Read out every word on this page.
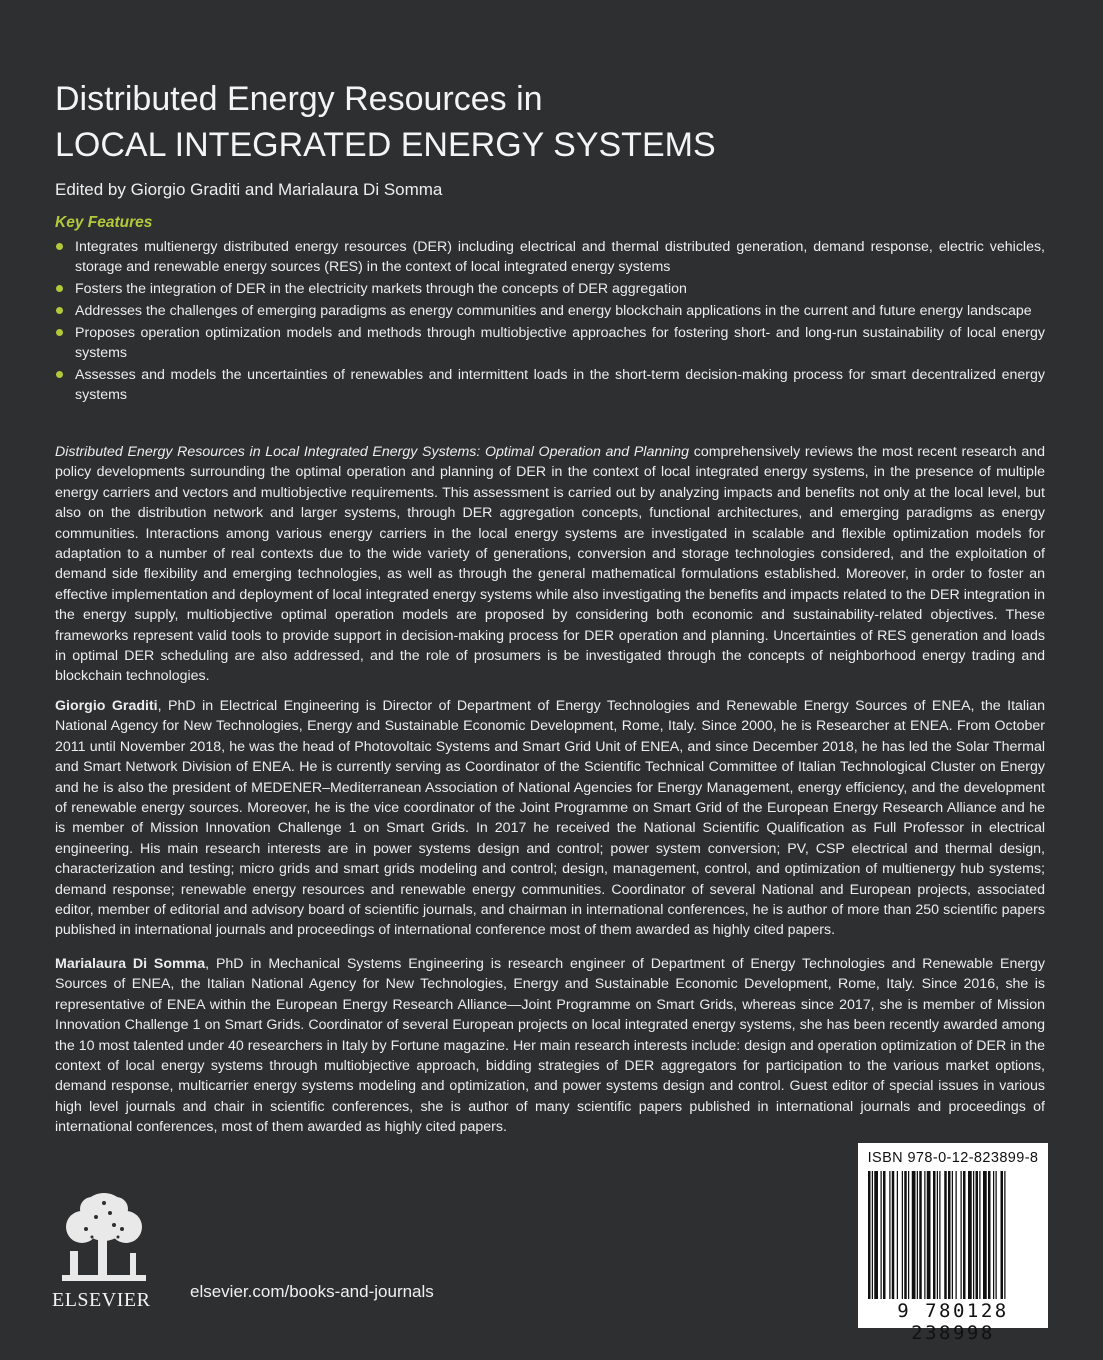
Distributed Energy Resources in
LOCAL INTEGRATED ENERGY SYSTEMS
Edited by Giorgio Graditi and Marialaura Di Somma
Key Features
Integrates multienergy distributed energy resources (DER) including electrical and thermal distributed generation, demand response, electric vehicles, storage and renewable energy sources (RES) in the context of local integrated energy systems
Fosters the integration of DER in the electricity markets through the concepts of DER aggregation
Addresses the challenges of emerging paradigms as energy communities and energy blockchain applications in the current and future energy landscape
Proposes operation optimization models and methods through multiobjective approaches for fostering short- and long-run sustainability of local energy systems
Assesses and models the uncertainties of renewables and intermittent loads in the short-term decision-making process for smart decentralized energy systems

Distributed Energy Resources in Local Integrated Energy Systems: Optimal Operation and Planning comprehensively reviews the most recent research and policy developments surrounding the optimal operation and planning of DER in the context of local integrated energy systems, in the presence of multiple energy carriers and vectors and multiobjective requirements. This assessment is carried out by analyzing impacts and benefits not only at the local level, but also on the distribution network and larger systems, through DER aggregation concepts, functional architectures, and emerging paradigms as energy communities. Interactions among various energy carriers in the local energy systems are investigated in scalable and flexible optimization models for adaptation to a number of real contexts due to the wide variety of generations, conversion and storage technologies considered, and the exploitation of demand side flexibility and emerging technologies, as well as through the general mathematical formulations established. Moreover, in order to foster an effective implementation and deployment of local integrated energy systems while also investigating the benefits and impacts related to the DER integration in the energy supply, multiobjective optimal operation models are proposed by considering both economic and sustainability-related objectives. These frameworks represent valid tools to provide support in decision-making process for DER operation and planning. Uncertainties of RES generation and loads in optimal DER scheduling are also addressed, and the role of prosumers is be investigated through the concepts of neighborhood energy trading and blockchain technologies.

Giorgio Graditi, PhD in Electrical Engineering is Director of Department of Energy Technologies and Renewable Energy Sources of ENEA, the Italian National Agency for New Technologies, Energy and Sustainable Economic Development, Rome, Italy. Since 2000, he is Researcher at ENEA. From October 2011 until November 2018, he was the head of Photovoltaic Systems and Smart Grid Unit of ENEA, and since December 2018, he has led the Solar Thermal and Smart Network Division of ENEA. He is currently serving as Coordinator of the Scientific Technical Committee of Italian Technological Cluster on Energy and he is also the president of MEDENER–Mediterranean Association of National Agencies for Energy Management, energy efficiency, and the development of renewable energy sources. Moreover, he is the vice coordinator of the Joint Programme on Smart Grid of the European Energy Research Alliance and he is member of Mission Innovation Challenge 1 on Smart Grids. In 2017 he received the National Scientific Qualification as Full Professor in electrical engineering. His main research interests are in power systems design and control; power system conversion; PV, CSP electrical and thermal design, characterization and testing; micro grids and smart grids modeling and control; design, management, control, and optimization of multienergy hub systems; demand response; renewable energy resources and renewable energy communities. Coordinator of several National and European projects, associated editor, member of editorial and advisory board of scientific journals, and chairman in international conferences, he is author of more than 250 scientific papers published in international journals and proceedings of international conference most of them awarded as highly cited papers.

Marialaura Di Somma, PhD in Mechanical Systems Engineering is research engineer of Department of Energy Technologies and Renewable Energy Sources of ENEA, the Italian National Agency for New Technologies, Energy and Sustainable Economic Development, Rome, Italy. Since 2016, she is representative of ENEA within the European Energy Research Alliance—Joint Programme on Smart Grids, whereas since 2017, she is member of Mission Innovation Challenge 1 on Smart Grids. Coordinator of several European projects on local integrated energy systems, she has been recently awarded among the 10 most talented under 40 researchers in Italy by Fortune magazine. Her main research interests include: design and operation optimization of DER in the context of local energy systems through multiobjective approach, bidding strategies of DER aggregators for participation to the various market options, demand response, multicarrier energy systems modeling and optimization, and power systems design and control. Guest editor of special issues in various high level journals and chair in scientific conferences, she is author of many scientific papers published in international journals and proceedings of international conferences, most of them awarded as highly cited papers.

ELSEVIER elsevier.com/books-and-journals
ISBN 978-0-12-823899-8
9 780128 238998
